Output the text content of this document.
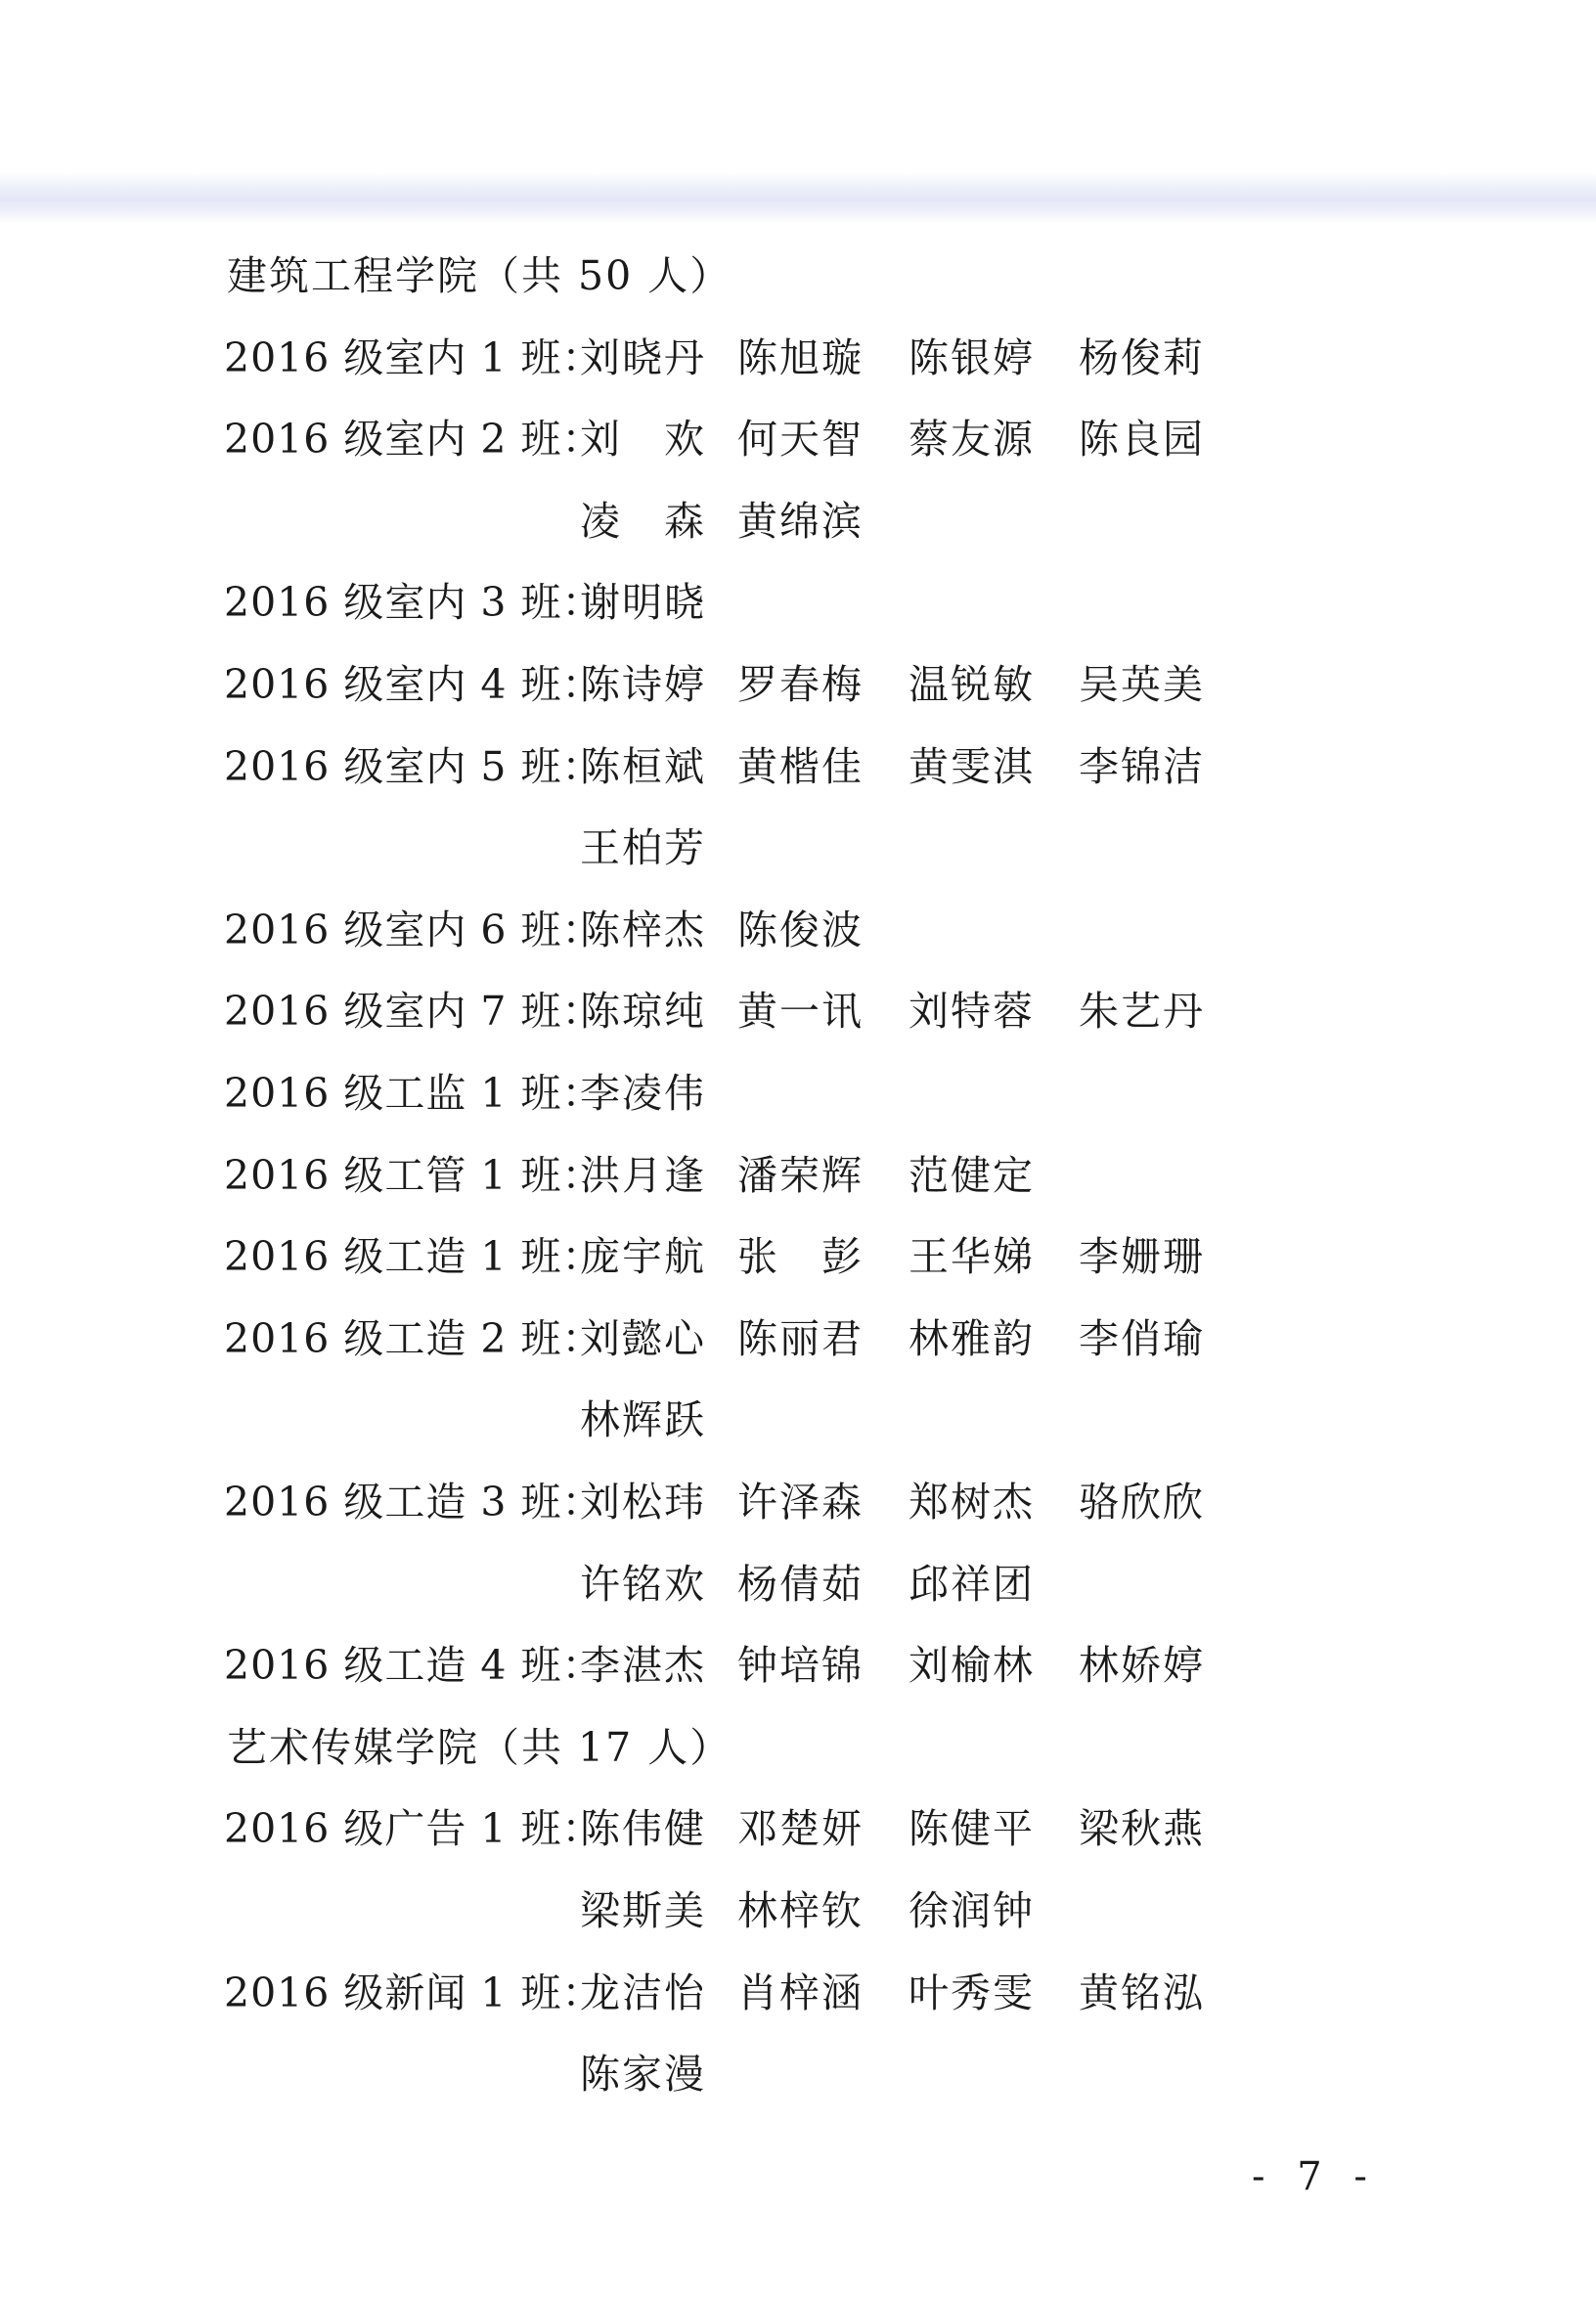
建筑工程学院（共 50 人）
2016 级室内 1 班：
刘晓丹 陈旭璇 陈银婷 杨俊莉
2016 级室内 2 班：
刘　欢 何天智 蔡友源 陈良园
凌　森 黄绵滨
2016 级室内 3 班：
谢明晓
2016 级室内 4 班：
陈诗婷 罗春梅 温锐敏 吴英美
2016 级室内 5 班：
陈桓斌 黄楷佳 黄雯淇 李锦洁
王柏芳
2016 级室内 6 班：
陈梓杰 陈俊波
2016 级室内 7 班：
陈琼纯 黄一讯 刘特蓉 朱艺丹
2016 级工监 1 班：
李凌伟
2016 级工管 1 班：
洪月逢 潘荣辉 范健定
2016 级工造 1 班：
庞宇航 张　彭 王华娣 李姗珊
2016 级工造 2 班：
刘懿心 陈丽君 林雅韵 李俏瑜
林辉跃
2016 级工造 3 班：
刘松玮 许泽森 郑树杰 骆欣欣
许铭欢 杨倩茹 邱祥团
2016 级工造 4 班：
李湛杰 钟培锦 刘榆林 林娇婷
艺术传媒学院（共 17 人）
2016 级广告 1 班：
陈伟健 邓楚妍 陈健平 梁秋燕
梁斯美 林梓钦 徐润钟
2016 级新闻 1 班：
龙洁怡 肖梓涵 叶秀雯 黄铭泓
陈家漫
- 7 -
